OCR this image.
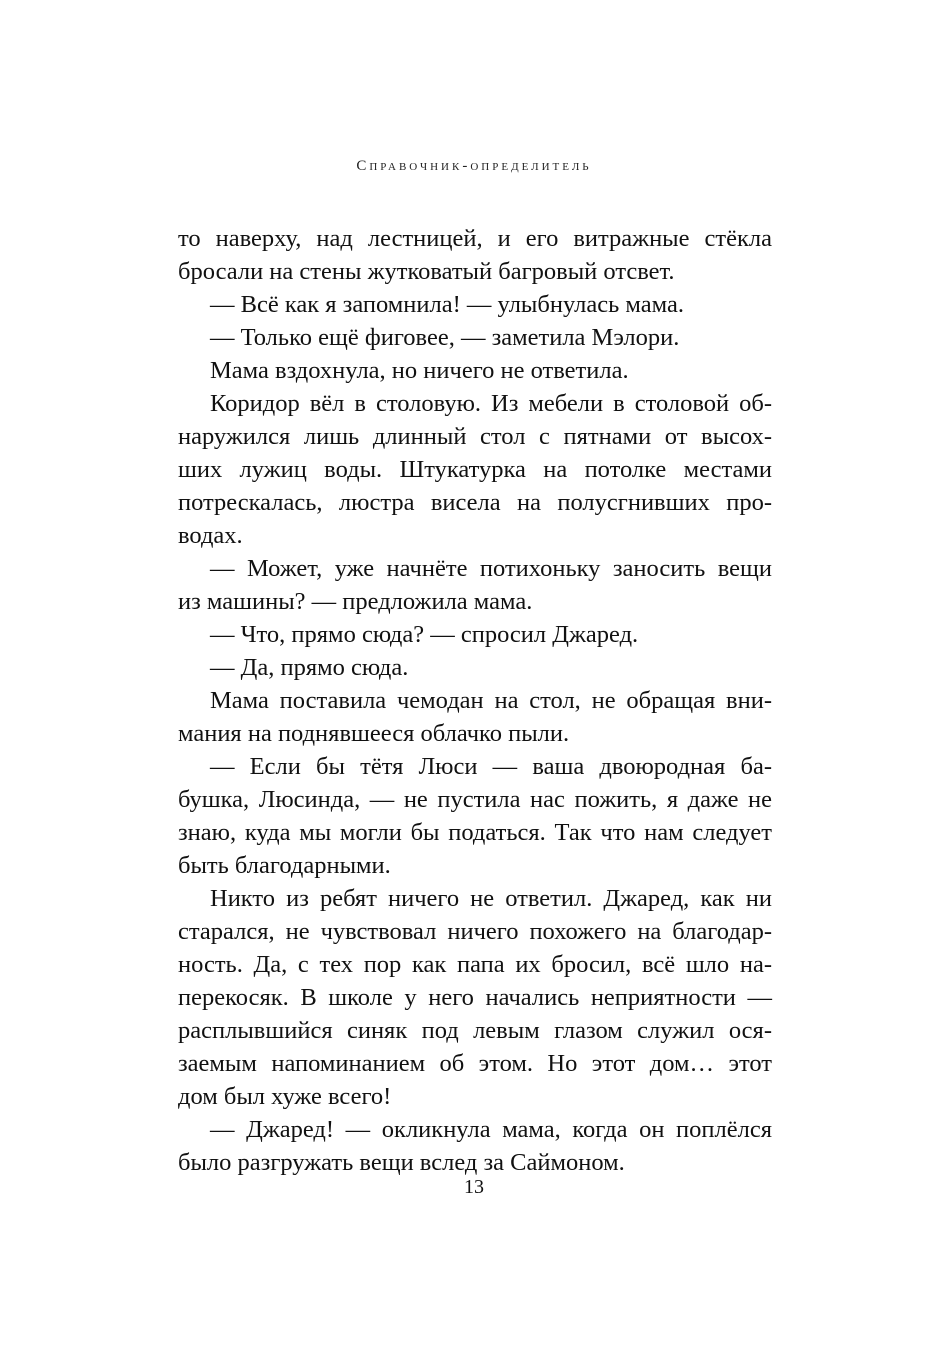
Справочник-определитель
то наверху, над лестницей, и его витражные стёкла
бросали на стены жутковатый багровый отсвет.
— Всё как я запомнила! — улыбнулась мама.
— Только ещё фиговее, — заметила Мэлори.
Мама вздохнула, но ничего не ответила.
Коридор вёл в столовую. Из мебели в столовой об-
наружился лишь длинный стол с пятнами от высох-
ших лужиц воды. Штукатурка на потолке местами
потрескалась, люстра висела на полусгнивших про-
водах.
— Может, уже начнёте потихоньку заносить вещи
из машины? — предложила мама.
— Что, прямо сюда? — спросил Джаред.
— Да, прямо сюда.
Мама поставила чемодан на стол, не обращая вни-
мания на поднявшееся облачко пыли.
— Если бы тётя Люси — ваша двоюродная ба-
бушка, Люсинда, — не пустила нас пожить, я даже не
знаю, куда мы могли бы податься. Так что нам следует
быть благодарными.
Никто из ребят ничего не ответил. Джаред, как ни
старался, не чувствовал ничего похожего на благодар-
ность. Да, с тех пор как папа их бросил, всё шло на-
перекосяк. В школе у него начались неприятности —
расплывшийся синяк под левым глазом служил ося-
заемым напоминанием об этом. Но этот дом… этот
дом был хуже всего!
— Джаред! — окликнула мама, когда он поплёлся
было разгружать вещи вслед за Саймоном.
13
